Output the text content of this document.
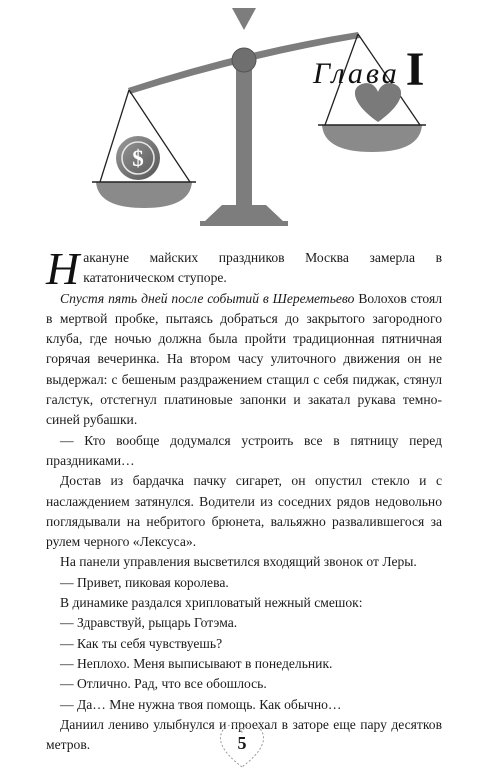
$
Глава I

Накануне майских праздников Москва замерла в кататоническом ступоре.

Спустя пять дней после событий в Шереметьево Волохов стоял в мертвой пробке, пытаясь добраться до закрытого загородного клуба, где ночью должна была пройти традиционная пятничная горячая вечеринка. На втором часу улиточного движения он не выдержал: с бешеным раздражением стащил с себя пиджак, стянул галстук, отстегнул платиновые запонки и закатал рукава темно-синей рубашки.

— Кто вообще додумался устроить все в пятницу перед праздниками…

Достав из бардачка пачку сигарет, он опустил стекло и с наслаждением затянулся. Водители из соседних рядов недовольно поглядывали на небритого брюнета, вальяжно развалившегося за рулем черного «Лексуса».

На панели управления высветился входящий звонок от Леры.

— Привет, пиковая королева.

В динамике раздался хрипловатый нежный смешок:

— Здравствуй, рыцарь Готэма.

— Как ты себя чувствуешь?

— Неплохо. Меня выписывают в понедельник.

— Отлично. Рад, что все обошлось.

— Да… Мне нужна твоя помощь. Как обычно…

Даниил лениво улыбнулся и проехал в заторе еще пару десятков метров.	5
